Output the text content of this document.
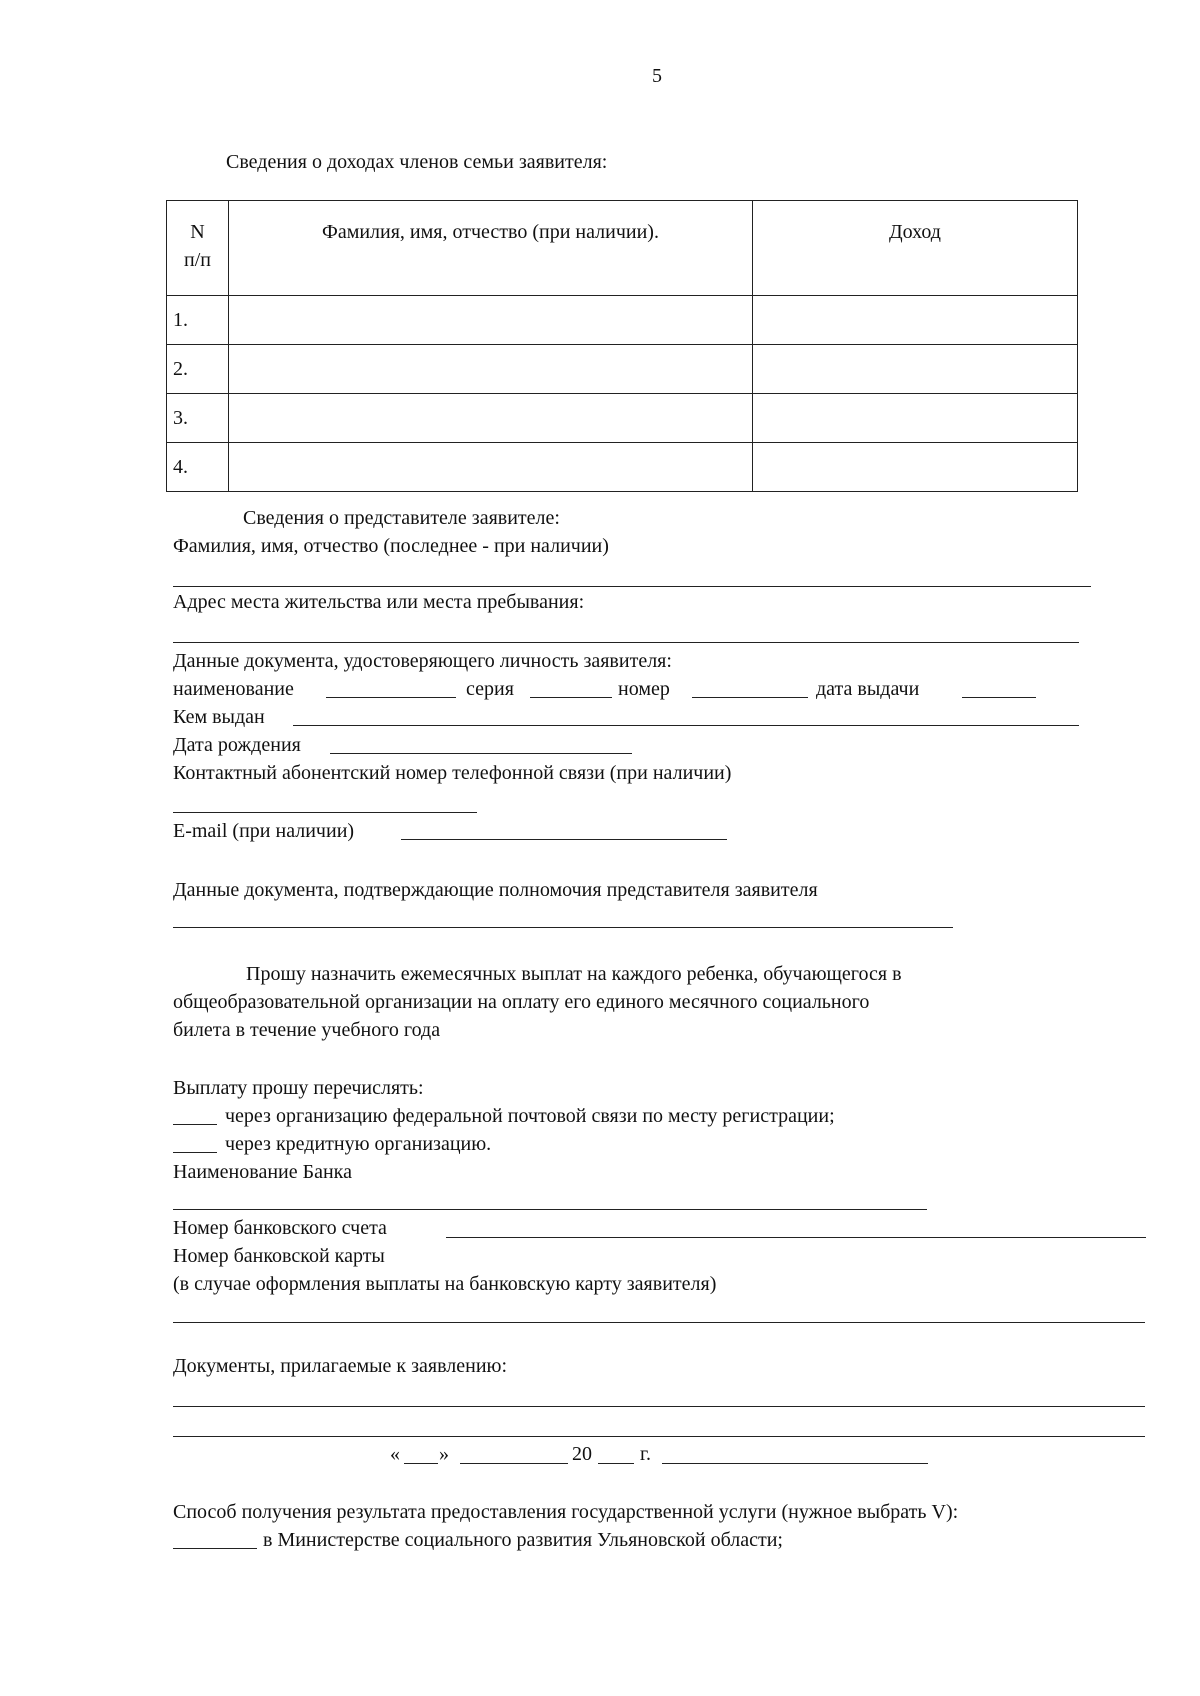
5
Сведения о доходах членов семьи заявителя:
N
п/п	Фамилия, имя, отчество (при наличии).	Доход
1.		
2.		
3.		
4.		
Сведения о представителе заявителе:
Фамилия, имя, отчество (последнее - при наличии)
Адрес места жительства или места пребывания:
Данные документа, удостоверяющего личность заявителя:
наименование	серия	номер	дата выдачи
Кем выдан
Дата рождения
Контактный абонентский номер телефонной связи (при наличии)
E-mail (при наличии)
Данные документа, подтверждающие полномочия представителя заявителя
Прошу назначить ежемесячных выплат на каждого ребенка, обучающегося в
общеобразовательной организации на оплату его единого месячного социального
билета в течение учебного года
Выплату прошу перечислять:
через организацию федеральной почтовой связи по месту регистрации;
через кредитную организацию.
Наименование Банка
Номер банковского счета
Номер банковской карты
(в случае оформления выплаты на банковскую карту заявителя)
Документы, прилагаемые к заявлению:
« »	20 г.
Способ получения результата предоставления государственной услуги (нужное выбрать V):
в Министерстве социального развития Ульяновской области;
